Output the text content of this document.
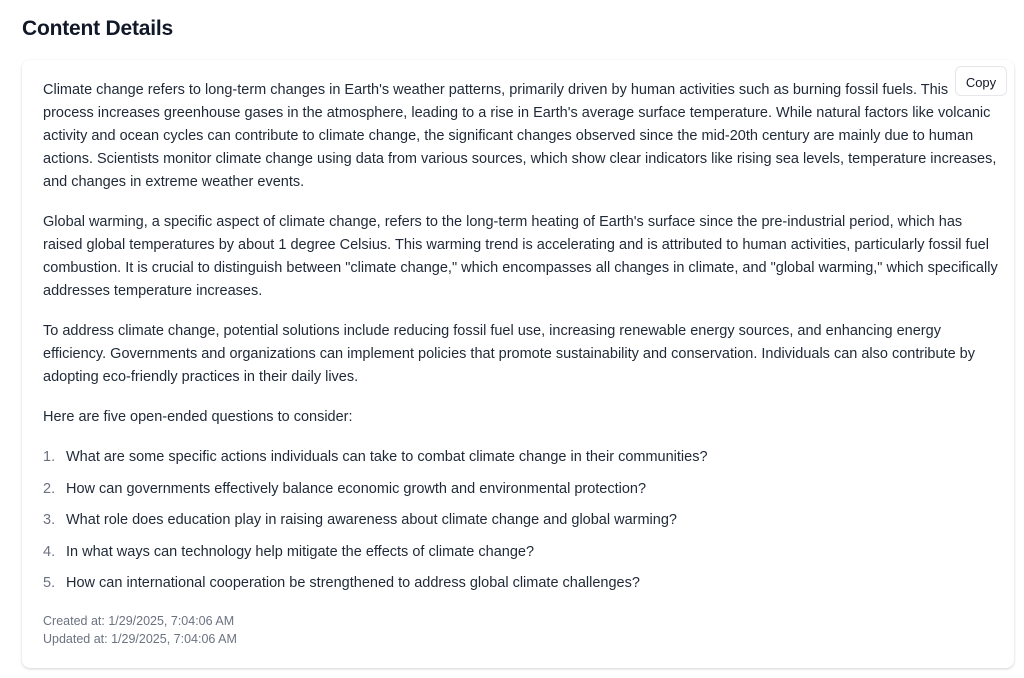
Content Details
Copy

Climate change refers to long-term changes in Earth's weather patterns, primarily driven by human activities such as burning fossil fuels. This process increases greenhouse gases in the atmosphere, leading to a rise in Earth's average surface temperature. While natural factors like volcanic activity and ocean cycles can contribute to climate change, the significant changes observed since the mid-20th century are mainly due to human actions. Scientists monitor climate change using data from various sources, which show clear indicators like rising sea levels, temperature increases, and changes in extreme weather events.

Global warming, a specific aspect of climate change, refers to the long-term heating of Earth's surface since the pre-industrial period, which has raised global temperatures by about 1 degree Celsius. This warming trend is accelerating and is attributed to human activities, particularly fossil fuel combustion. It is crucial to distinguish between "climate change," which encompasses all changes in climate, and "global warming," which specifically addresses temperature increases.

To address climate change, potential solutions include reducing fossil fuel use, increasing renewable energy sources, and enhancing energy efficiency. Governments and organizations can implement policies that promote sustainability and conservation. Individuals can also contribute by adopting eco-friendly practices in their daily lives.

Here are five open-ended questions to consider:

1. What are some specific actions individuals can take to combat climate change in their communities?
2. How can governments effectively balance economic growth and environmental protection?
3. What role does education play in raising awareness about climate change and global warming?
4. In what ways can technology help mitigate the effects of climate change?
5. How can international cooperation be strengthened to address global climate challenges?
Created at: 1/29/2025, 7:04:06 AM
Updated at: 1/29/2025, 7:04:06 AM
